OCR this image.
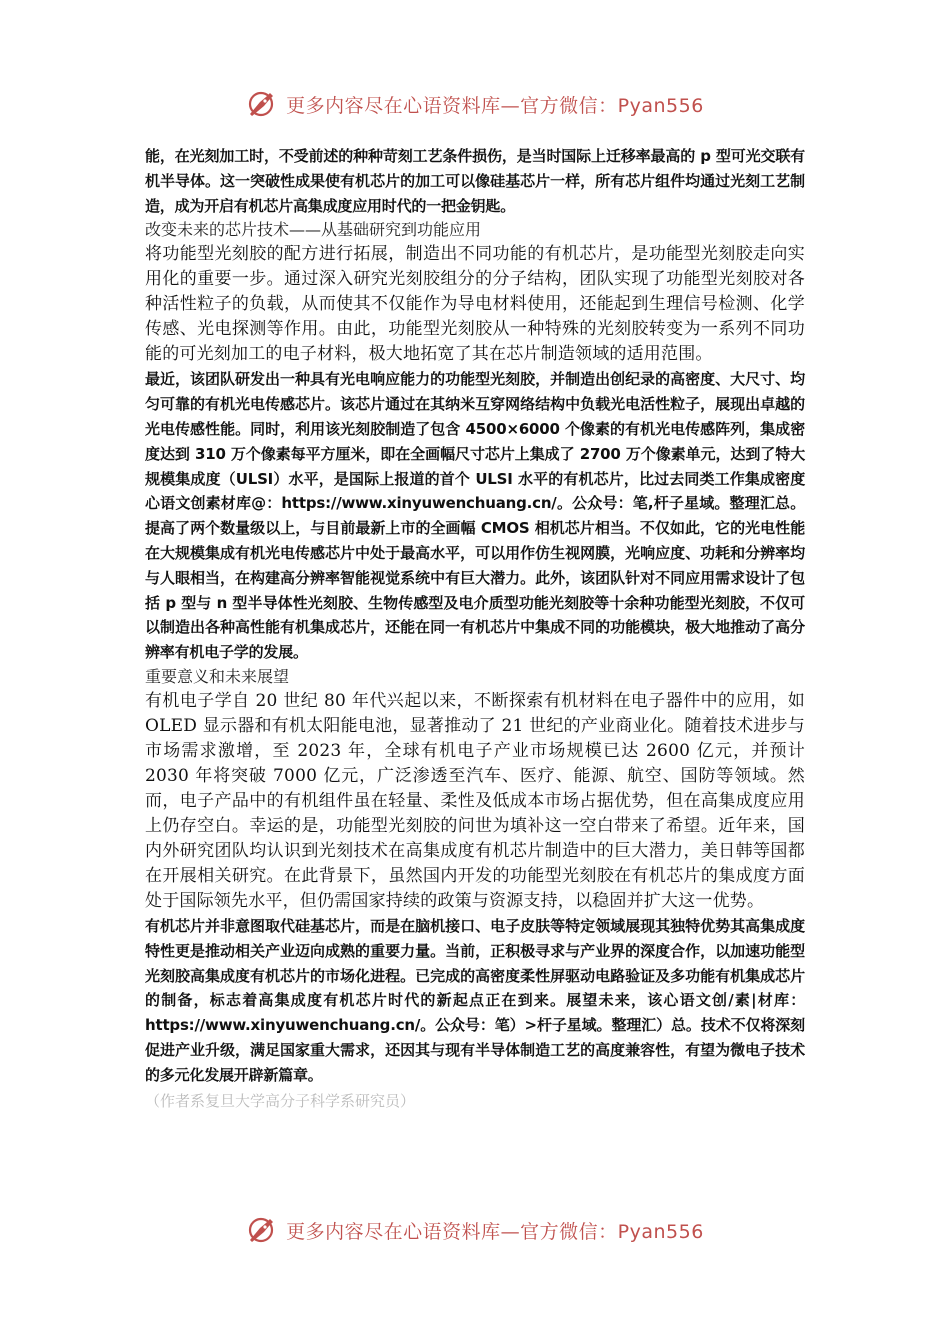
更多内容尽在心语资料库—官方微信：Pyan556

能，在光刻加工时，不受前述的种种苛刻工艺条件损伤，是当时国际上迁移率最高的 p 型可光交联有机半导体。这一突破性成果使有机芯片的加工可以像硅基芯片一样，所有芯片组件均通过光刻工艺制造，成为开启有机芯片高集成度应用时代的一把金钥匙。

改变未来的芯片技术——从基础研究到功能应用

将功能型光刻胶的配方进行拓展，制造出不同功能的有机芯片，是功能型光刻胶走向实用化的重要一步。通过深入研究光刻胶组分的分子结构，团队实现了功能型光刻胶对各种活性粒子的负载，从而使其不仅能作为导电材料使用，还能起到生理信号检测、化学传感、光电探测等作用。由此，功能型光刻胶从一种特殊的光刻胶转变为一系列不同功能的可光刻加工的电子材料，极大地拓宽了其在芯片制造领域的适用范围。

最近，该团队研发出一种具有光电响应能力的功能型光刻胶，并制造出创纪录的高密度、大尺寸、均匀可靠的有机光电传感芯片。该芯片通过在其纳米互穿网络结构中负载光电活性粒子，展现出卓越的光电传感性能。同时，利用该光刻胶制造了包含 4500×6000 个像素的有机光电传感阵列，集成密度达到 310 万个像素每平方厘米，即在全画幅尺寸芯片上集成了 2700 万个像素单元，达到了特大规模集成度（ULSI）水平，是国际上报道的首个 ULSI 水平的有机芯片，比过去同类工作集成密度心语文创素材库@：https://www.xinyuwenchuang.cn/。公众号：笔,杆子星域。整理汇总。提高了两个数量级以上，与目前最新上市的全画幅 CMOS 相机芯片相当。不仅如此，它的光电性能在大规模集成有机光电传感芯片中处于最高水平，可以用作仿生视网膜，光响应度、功耗和分辨率均与人眼相当，在构建高分辨率智能视觉系统中有巨大潜力。此外，该团队针对不同应用需求设计了包括 p 型与 n 型半导体性光刻胶、生物传感型及电介质型功能光刻胶等十余种功能型光刻胶，不仅可以制造出各种高性能有机集成芯片，还能在同一有机芯片中集成不同的功能模块，极大地推动了高分辨率有机电子学的发展。

重要意义和未来展望

有机电子学自 20 世纪 80 年代兴起以来，不断探索有机材料在电子器件中的应用，如 OLED 显示器和有机太阳能电池，显著推动了 21 世纪的产业商业化。随着技术进步与市场需求激增，至 2023 年，全球有机电子产业市场规模已达 2600 亿元，并预计 2030 年将突破 7000 亿元，广泛渗透至汽车、医疗、能源、航空、国防等领域。然而，电子产品中的有机组件虽在轻量、柔性及低成本市场占据优势，但在高集成度应用上仍存空白。幸运的是，功能型光刻胶的问世为填补这一空白带来了希望。近年来，国内外研究团队均认识到光刻技术在高集成度有机芯片制造中的巨大潜力，美日韩等国都在开展相关研究。在此背景下，虽然国内开发的功能型光刻胶在有机芯片的集成度方面处于国际领先水平，但仍需国家持续的政策与资源支持，以稳固并扩大这一优势。

有机芯片并非意图取代硅基芯片，而是在脑机接口、电子皮肤等特定领域展现其独特优势其高集成度特性更是推动相关产业迈向成熟的重要力量。当前，正积极寻求与产业界的深度合作，以加速功能型光刻胶高集成度有机芯片的市场化进程。已完成的高密度柔性屏驱动电路验证及多功能有机集成芯片的制备，标志着高集成度有机芯片时代的新起点正在到来。展望未来，该心语文创/素|材库：https://www.xinyuwenchuang.cn/。公众号：笔）>杆子星域。整理汇）总。技术不仅将深刻促进产业升级，满足国家重大需求，还因其与现有半导体制造工艺的高度兼容性，有望为微电子技术的多元化发展开辟新篇章。

（作者系复旦大学高分子科学系研究员）

更多内容尽在心语资料库—官方微信：Pyan556
